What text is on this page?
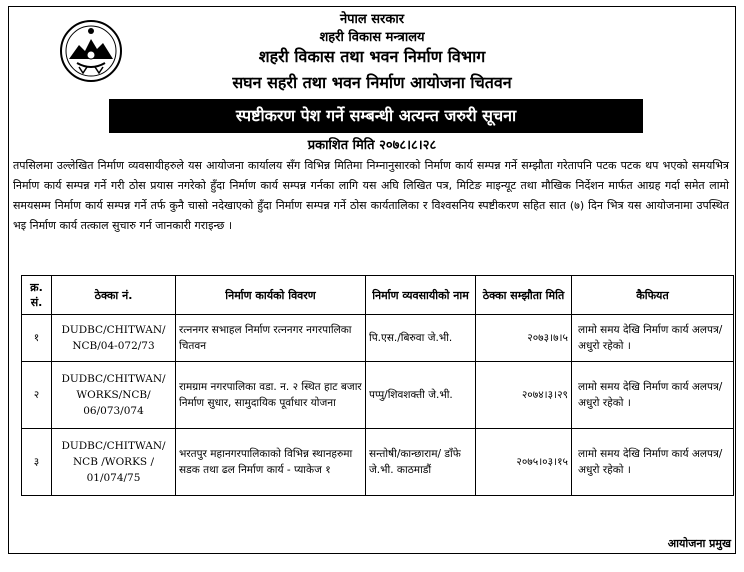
नेपाल सरकार
शहरी विकास मन्त्रालय
शहरी विकास तथा भवन निर्माण विभाग
सघन सहरी तथा भवन निर्माण आयोजना चितवन
स्पष्टीकरण पेश गर्ने सम्बन्धी अत्यन्त जरुरी सूचना
प्रकाशित मिति २०७८।८।२८
तपसिलमा उल्लेखित निर्माण व्यवसायीहरुले यस आयोजना कार्यालय सँग विभिन्न मितिमा निम्नानुसारको निर्माण कार्य सम्पन्न गर्ने सम्झौता गरेतापनि पटक पटक थप भएको समयभित्र निर्माण कार्य सम्पन्न गर्ने गरी ठोस प्रयास नगरेको हुँदा निर्माण कार्य सम्पन्न गर्नका लागि यस अघि लिखित पत्र, मिटिङ माइन्यूट तथा मौखिक निर्देशन मार्फत आग्रह गर्दा समेत लामो समयसम्म निर्माण कार्य सम्पन्न गर्ने तर्फ कुनै चासो नदेखाएको हुँदा निर्माण सम्पन्न गर्ने ठोस कार्यतालिका र विश्वसनिय स्पष्टीकरण सहित सात (७) दिन भित्र यस आयोजनामा उपस्थित भइ निर्माण कार्य तत्काल सुचारु गर्न जानकारी गराइन्छ ।
क्र. सं.	ठेक्का नं.	निर्माण कार्यको विवरण	निर्माण व्यवसायीको नाम	ठेक्का सम्झौता मिति	कैफियत
१	DUDBC/CHITWAN/ NCB/04-072/73	रत्ननगर सभाहल निर्माण रत्ननगर नगरपालिका चितवन	पि.एस./बिरुवा जे.भी.	२०७३।७।५	लामो समय देखि निर्माण कार्य अलपत्र/अधुरो रहेको ।
२	DUDBC/CHITWAN/ WORKS/NCB/ 06/073/074	रामग्राम नगरपालिका वडा. न. २ स्थित हाट बजार निर्माण सुधार, सामुदायिक पूर्वाधार योजना	पप्पु/शिवशक्ती जे.भी.	२०७४।३।२९	लामो समय देखि निर्माण कार्य अलपत्र/अधुरो रहेको ।
३	DUDBC/CHITWAN/ NCB /WORKS / 01/074/75	भरतपुर महानगरपालिकाको विभिन्न स्थानहरुमा सडक तथा ढल निर्माण कार्य - प्याकेज १	सन्तोषी/कान्छाराम/ डाँफे जे.भी. काठमाडौं	२०७५।०३।१५	लामो समय देखि निर्माण कार्य अलपत्र/अधुरो रहेको ।
आयोजना प्रमुख
